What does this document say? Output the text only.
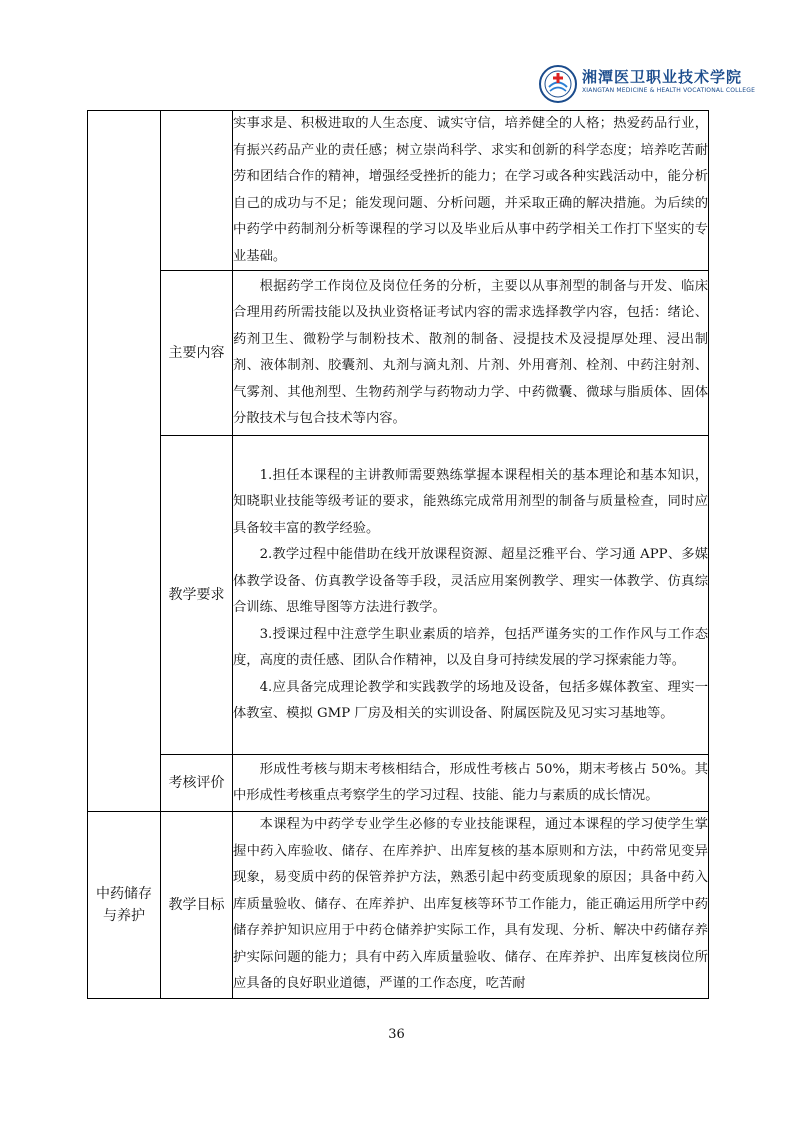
湘潭医卫职业技术学院
XIANGTAN MEDICINE & HEALTH VOCATIONAL COLLEGE

		实事求是、积极进取的人生态度、诚实守信，培养健全的人格；热爱药品行业，有振兴药品产业的责任感；树立崇尚科学、求实和创新的科学态度；培养吃苦耐劳和团结合作的精神，增强经受挫折的能力；在学习或各种实践活动中，能分析自己的成功与不足；能发现问题、分析问题，并采取正确的解决措施。为后续的中药学中药制剂分析等课程的学习以及毕业后从事中药学相关工作打下坚实的专业基础。

	主要内容	根据药学工作岗位及岗位任务的分析，主要以从事剂型的制备与开发、临床合理用药所需技能以及执业资格证考试内容的需求选择教学内容，包括：绪论、药剂卫生、微粉学与制粉技术、散剂的制备、浸提技术及浸提厚处理、浸出制剂、液体制剂、胶囊剂、丸剂与滴丸剂、片剂、外用膏剂、栓剂、中药注射剂、气雾剂、其他剂型、生物药剂学与药物动力学、中药微囊、微球与脂质体、固体分散技术与包合技术等内容。

	教学要求	1.担任本课程的主讲教师需要熟练掌握本课程相关的基本理论和基本知识，知晓职业技能等级考证的要求，能熟练完成常用剂型的制备与质量检查，同时应具备较丰富的教学经验。

2.教学过程中能借助在线开放课程资源、超星泛雅平台、学习通 APP、多媒体教学设备、仿真教学设备等手段，灵活应用案例教学、理实一体教学、仿真综合训练、思维导图等方法进行教学。

3.授课过程中注意学生职业素质的培养，包括严谨务实的工作作风与工作态度，高度的责任感、团队合作精神，以及自身可持续发展的学习探索能力等。

4.应具备完成理论教学和实践教学的场地及设备，包括多媒体教室、理实一体教室、模拟 GMP 厂房及相关的实训设备、附属医院及见习实习基地等。

	考核评价	形成性考核与期末考核相结合，形成性考核占 50%，期末考核占 50%。其中形成性考核重点考察学生的学习过程、技能、能力与素质的成长情况。

中药储存与养护	教学目标	本课程为中药学专业学生必修的专业技能课程，通过本课程的学习使学生掌握中药入库验收、储存、在库养护、出库复核的基本原则和方法，中药常见变异现象，易变质中药的保管养护方法，熟悉引起中药变质现象的原因；具备中药入库质量验收、储存、在库养护、出库复核等环节工作能力，能正确运用所学中药储存养护知识应用于中药仓储养护实际工作，具有发现、分析、解决中药储存养护实际问题的能力；具有中药入库质量验收、储存、在库养护、出库复核岗位所应具备的良好职业道德，严谨的工作态度，吃苦耐

36
